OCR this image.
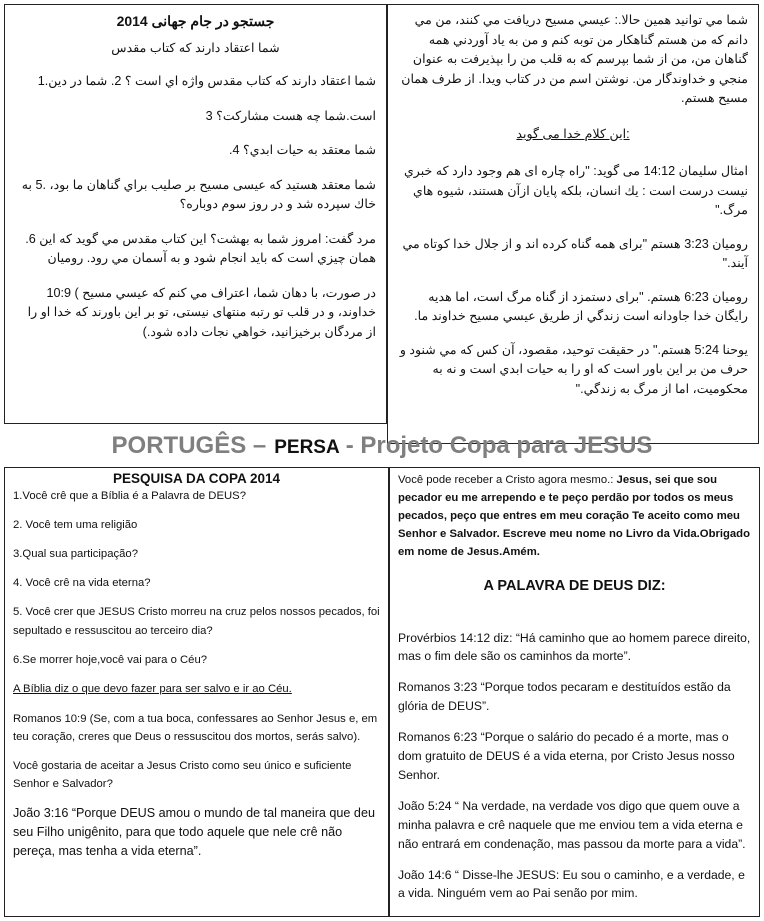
جستجو در جام جهانی 2014
شما اعتقاد دارند که کتاب مقدس
شما اعتقاد دارند كه كتاب مقدس واژه اي است ؟ 2. شما در دین.1
است.شما چه هست مشاركت؟ 3
شما معتقد به حيات ابدي؟ 4.
شما معتقد هستید که عیسی مسیح بر صليب براي گناهان ما بود، .5 به خاك سپرده شد و در روز سوم دوباره؟
مرد گفت: امروز شما به بهشت؟ این كتاب مقدس مي گويد كه اين 6. همان چيزي است که باید انجام شود و به آسمان مي رود. روميان
در صورت، با دهان شما، اعتراف مي كنم كه عيسي مسيح ) 10:9 خداوند، و در قلب تو رتبه منتهای نیستی، تو بر اين باورند كه خدا او را از مردگان برخیزانید، خواهي نجات داده شود.)
شما مي توانيد همين حالا.: عيسي مسيح دريافت مي كنند، من مي دانم كه من هستم گناهكار من توبه كنم و من به ياد آوردني همه گناهان من، من از شما بپرسم که به قلب من را بپذيرفت به عنوان منجي و خداوندگار من. نوشتن اسم من در كتاب ويدا. از طرف همان مسيح هستم.
:این کلام خدا می گوید
امثال سلیمان 14:12 می گوید: "راه چاره ای هم وجود دارد كه خبري نيست درست است : يك انسان، بلكه پایان ازآن هستند، شيوه هاي مرگ."
روميان 3:23 هستم "براى همه گناه كرده اند و از جلال خدا كوتاه مي آيند."
روميان 6:23 هستم. "براى دستمزد از گناه مرگ است، اما هديه رايگان خدا جاودانه است زندگي از طريق عيسي مسيح خداوند ما.
يوحنا 5:24 هستم." در حقيقت توحيد، مقصود، آن كس كه مي شنود و حرف من بر اين باور است كه او را به حيات ابدي است و نه به محكوميت، اما از مرگ به زندگي."
PORTUGÊS – PERSA - Projeto Copa para JESUS
PESQUISA DA COPA 2014
1.Você crê que a Bíblia é a Palavra de DEUS?
2. Você tem uma religião
3.Qual sua participação?
4. Você crê na vida eterna?
5. Você crer que JESUS Cristo morreu na cruz pelos nossos pecados, foi sepultado e ressuscitou ao terceiro dia?
6.Se morrer hoje,você vai para o Céu?
A Bíblia diz o que devo fazer para ser salvo e ir ao Céu.
Romanos 10:9 (Se, com a tua boca, confessares ao Senhor Jesus e, em teu coração, creres que Deus o ressuscitou dos mortos, serás salvo).
Você gostaria de aceitar a Jesus Cristo como seu único e suficiente Senhor e Salvador?
João 3:16 “Porque DEUS amou o mundo de tal maneira que deu seu Filho unigênito, para que todo aquele que nele crê não pereça, mas tenha a vida eterna”.
Você pode receber a Cristo agora mesmo.: Jesus, sei que sou pecador eu me arrependo e te peço perdão por todos os meus pecados, peço que entres em meu coração Te aceito como meu Senhor e Salvador. Escreve meu nome no Livro da Vida.Obrigado em nome de Jesus.Amém.
A PALAVRA DE DEUS DIZ:
Provérbios 14:12 diz: “Há caminho que ao homem parece direito, mas o fim dele são os caminhos da morte”.
Romanos 3:23 “Porque todos pecaram e destituídos estão da glória de DEUS”.
Romanos 6:23 “Porque o salário do pecado é a morte, mas o dom gratuito de DEUS é a vida eterna, por Cristo Jesus nosso Senhor.
João 5:24 “ Na verdade, na verdade vos digo que quem ouve a minha palavra e crê naquele que me enviou tem a vida eterna e não entrará em condenação, mas passou da morte para a vida”.
João 14:6 “ Disse-lhe JESUS: Eu sou o caminho, e a verdade, e a vida. Ninguém vem ao Pai senão por mim.
